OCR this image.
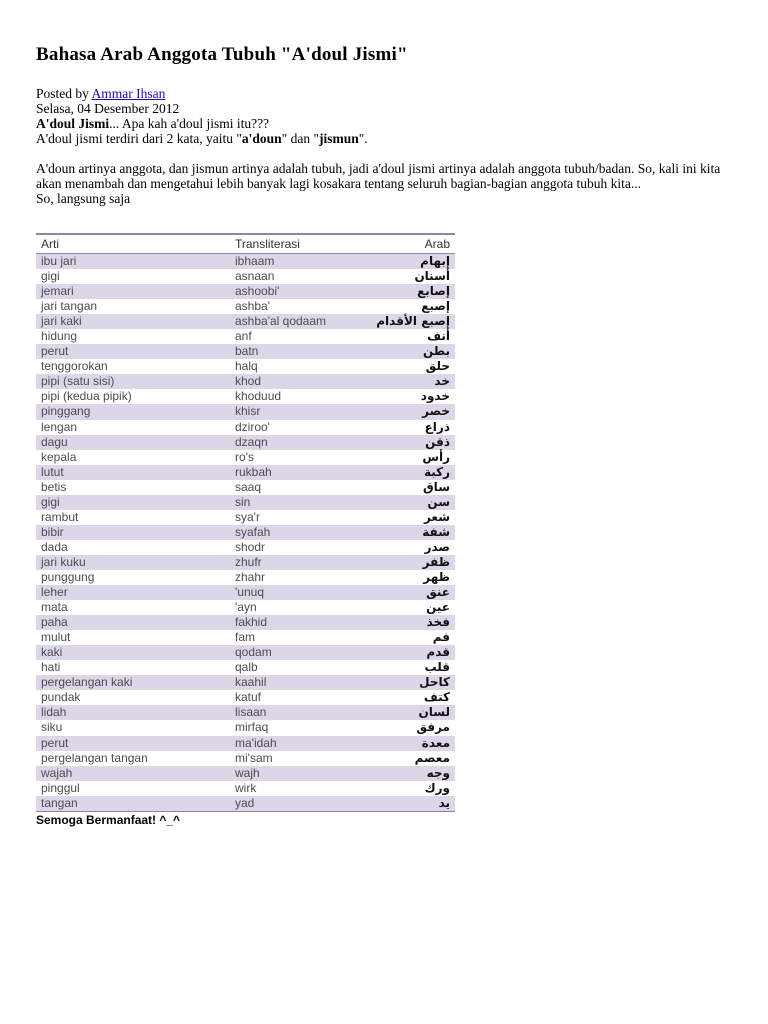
Bahasa Arab Anggota Tubuh "A'doul Jismi"
Posted by Ammar Ihsan
Selasa, 04 Desember 2012
A'doul Jismi... Apa kah a'doul jismi itu???
A'doul jismi terdiri dari 2 kata, yaitu "a'doun" dan "jismun".
A'doun artinya anggota, dan jismun artinya adalah tubuh, jadi a'doul jismi artinya adalah anggota tubuh/badan. So, kali ini kita akan menambah dan mengetahui lebih banyak lagi kosakara tentang seluruh bagian-bagian anggota tubuh kita...
So, langsung saja
Arti	Transliterasi	Arab
ibu jari	ibhaam	إبهام
gigi	asnaan	أسنان
jemari	ashoobi'	إصابع
jari tangan	ashba'	إصبع
jari kaki	ashba'al qodaam	إصبع الأقدام
hidung	anf	أنف
perut	batn	بطن
tenggorokan	halq	حلق
pipi (satu sisi)	khod	خد
pipi (kedua pipik)	khoduud	خدود
pinggang	khisr	خصر
lengan	dziroo'	ذراع
dagu	dzaqn	ذقن
kepala	ro's	رأس
lutut	rukbah	ركبة
betis	saaq	ساق
gigi	sin	سن
rambut	sya'r	شعر
bibir	syafah	شفة
dada	shodr	صدر
jari kuku	zhufr	ظفر
punggung	zhahr	ظهر
leher	'unuq	عنق
mata	'ayn	عين
paha	fakhid	فخذ
mulut	fam	فم
kaki	qodam	قدم
hati	qalb	قلب
pergelangan kaki	kaahil	كاحل
pundak	katuf	كتف
lidah	lisaan	لسان
siku	mirfaq	مرفق
perut	ma'idah	معدة
pergelangan tangan	mi'sam	معصم
wajah	wajh	وجه
pinggul	wirk	ورك
tangan	yad	يد
Semoga Bermanfaat! ^_^
